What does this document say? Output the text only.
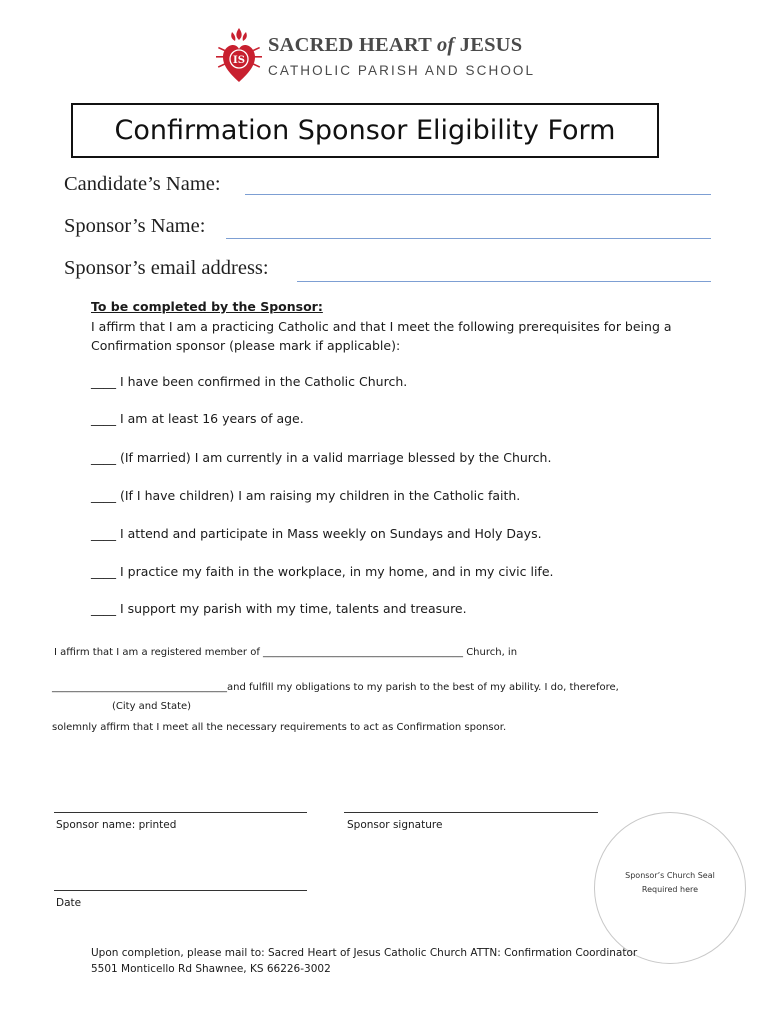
IS
SACRED HEART of JESUS
CATHOLIC PARISH AND SCHOOL
Confirmation Sponsor Eligibility Form
Candidate’s Name:
Sponsor’s Name:
Sponsor’s email address:
To be completed by the Sponsor:
I affirm that I am a practicing Catholic and that I meet the following prerequisites for being a Confirmation sponsor (please mark if applicable):
____ I have been confirmed in the Catholic Church.
____ I am at least 16 years of age.
____ (If married) I am currently in a valid marriage blessed by the Church.
____ (If I have children) I am raising my children in the Catholic faith.
____ I attend and participate in Mass weekly on Sundays and Holy Days.
____ I practice my faith in the workplace, in my home, and in my civic life.
____ I support my parish with my time, talents and treasure.
I affirm that I am a registered member of ________________________________________ Church, in
___________________________________and fulfill my obligations to my parish to the best of my ability. I do, therefore,
(City and State)
solemnly affirm that I meet all the necessary requirements to act as Confirmation sponsor.
Sponsor name: printed	Sponsor signature
Date
Sponsor’s Church Seal
Required here
Upon completion, please mail to: Sacred Heart of Jesus Catholic Church ATTN: Confirmation Coordinator
5501 Monticello Rd Shawnee, KS 66226-3002
